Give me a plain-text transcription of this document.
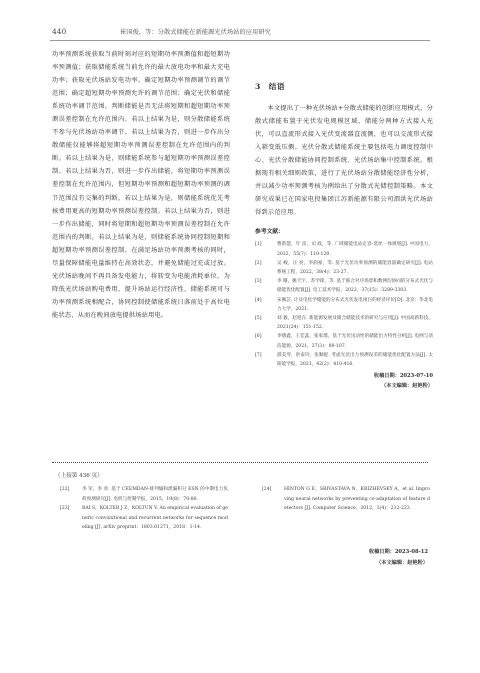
440	崔国俊，等：分散式储能在新能源光伏场站的应用研究

功率预测系统获取当前时刻对应的短期功率预测值和超短期功率预测值；获取储能系统当前允许的最大放电功率和最大充电功率；获取光伏场站发电功率。确定短期功率预测调节的调节范围；确定超短期功率预测允许的调节范围；确定光伏和储能系统功率调节范围。判断储能是否无法将短期和超短期功率预测误差控制在允许范围内。若以上结果为是，则分散储能系统不参与光伏场站功率调节。若以上结果为否，则进一步作出分散储能仅能够将超短期功率预测误差控制在允许范围内的判断。若以上结果为是，则储能系统参与超短期功率预测误差控制。若以上结果为否，则进一步作出储能，将短期功率预测误差控制在允许范围内，但短期功率预测和超短期功率预测的调节范围没有交集的判断。若以上结果为是，则储能系统优先考核费用更高的短期功率预测误差控制。若以上结果为否，则进一步作出储能，同时将短期和超短期功率预测误差控制在允许范围内的判断。若以上结果为是，则储能系统协同控制短期和超短期功率预测误差控制。在满足场站功率预测考核的同时，尽量保障储能电量维持在高效状态，并避免储能过充或过放。光伏场站晚间不再具备发电能力，将转变为电能消耗单位，为降低光伏场站购电费用，提升场站运行经济性，储能系统可与功率预测系统相配合，协同控制使储能系统日落前处于高位电能状态，从而在晚间放电提供场站用电。

3 结语

本文提出了一种光伏场站+分散式储能的创新应用模式，分散式储能布置于光伏发电规模区域，储能分两种方式接入光伏，可以直流形式接入光伏变流器直流侧，也可以交流形式接入箱变低压侧。光伏分散式储能系统主要包括电力调度控制中心、光伏分散储能协同控制系统、光伏场站集中控制系统。根据现有相关细则政策，进行了光伏场站分散储能经济性分析，并以减少功率预测考核为例给出了分散式光储控制策略。本文研究成果已在国家电投集团江苏新能源有限公司泗洪光伏场站得到示范应用。

参考文献：
[1]	曹新慧，年 彦，司 政，等. 广域储能电站定容-选址一体规划[J]. 中国电力，2022，55(7)：110-120.
[2]	吴 峻，汪 亮，李润豪，等. 基于光伏功率预测的储能容量确定研究[J]. 电站系统工程，2022，38(4)：23-27.
[3]	李 珊，姚天宇，苏学锋，等. 基于联合对序场景和数网均协同的分布式光伏与储能优化配置[J]. 电工技术学报，2022，37(15)：3289-3303.
[4]	宋佩芸. 计及电化学储能的分布式光伏发电项目的经济评价[D]. 北京：华北电力大学，2021.
[5]	刘 毅，赵旭在. 新能源发展及储合储能技术的研究与应用[J]. 中国高新科技，2021(24)：151-152.
[6]	李德鑫，王佳蕊，张家郡，基于光伏送动性的储能出力特性分析[J]. 电网与清洁能源，2021，37(3)：89-107.
[7]	游美琴，洪泰玲，张顺捉. 考虑光伏出力预测误差的储能优化配置方法[J]. 太阳能学报，2021，42(2)：410-416.
收稿日期：2023-07-10
（本文编辑：赵艳粉）
（上接第 436 页）
[22]	李 军，李 青. 基于 CEEMDAN-排列熵和泄漏积分 ESN 的中期电力负荷预测研究[J]. 电机与控制学报，2015，19(8)：70-80.
[23]	BAI S，KOLTER J Z，KOLTUN V. An empirical evaluation of generic convolutional and recurrent networks for sequence modeling [J]. arXiv preprint：1803.01271，2018：1-14.
[24]	HINTON G E，SRIVASTAVA N，KRIZHEVSKY A，et al. Improving neural networks by preventing co-adaptation of feature detectors [J]. Computer Science，2012，3(4)：212-223.
收稿日期：2023-08-12
（本文编辑：赵艳粉）
